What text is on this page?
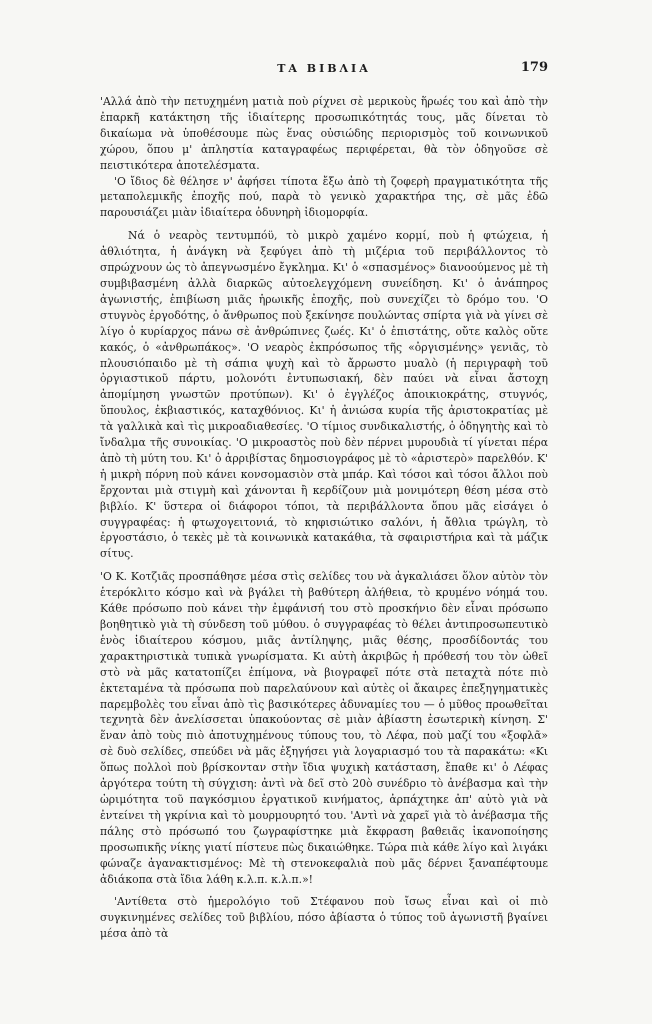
ΤΑ ΒΙΒΛΙΑ	179

'Αλλά ἀπὸ τὴν πετυχημένη ματιὰ ποὺ ρίχνει σὲ μερικοὺς ἥρωές του καὶ ἀπὸ τὴν ἐπαρκῆ κατάκτηση τῆς ἰδιαίτερης προσωπικότητάς τους, μᾶς δίνεται τὸ δικαίωμα νὰ ὑποθέσουμε πὼς ἕνας οὐσιώδης περιορισμὸς τοῦ κοινωνικοῦ χώρου, ὅπου μ' ἀπληστία καταγραφέως περιφέρεται, θὰ τὸν ὁδηγοῦσε σὲ πειστικότερα ἀποτελέσματα.

'Ο ἴδιος δὲ θέλησε ν' ἀφήσει τίποτα ἔξω ἀπὸ τὴ ζοφερὴ πραγματικότητα τῆς μεταπολεμικῆς ἐποχῆς πού, παρὰ τὸ γενικὸ χαρακτήρα της, σὲ μᾶς ἐδῶ παρουσιάζει μιὰν ἰδιαίτερα ὀδυνηρὴ ἰδιομορφία.

Νά ὁ νεαρὸς τεντυμπόϋ, τὸ μικρὸ χαμένο κορμί, ποὺ ἡ φτώχεια, ἡ ἀθλιότητα, ἡ ἀνάγκη νὰ ξεφύγει ἀπὸ τὴ μιζέρια τοῦ περιβάλλοντος τὸ σπρώχνουν ὡς τὸ ἀπεγνωσμένο ἔγκλημα. Κι' ὁ «σπασμένος» διανοούμενος μὲ τὴ συμβιβασμένη ἀλλὰ διαρκῶς αὐτοελεγχόμενη συνείδηση. Κι' ὁ ἀνάπηρος ἀγωνιστής, ἐπιβίωση μιᾶς ἡρωικῆς ἐποχῆς, ποὺ συνεχίζει τὸ δρόμο του. 'Ο στυγνὸς ἐργοδότης, ὁ ἄνθρωπος ποὺ ξεκίνησε πουλώντας σπίρτα γιὰ νὰ γίνει σὲ λίγο ὁ κυρίαρχος πάνω σὲ ἀνθρώπινες ζωές. Κι' ὁ ἐπιστάτης, οὔτε καλὸς οὔτε κακός, ὁ «ἀνθρωπάκος». 'Ο νεαρὸς ἐκπρόσωπος τῆς «ὀργισμένης» γενιᾶς, τὸ πλουσιόπαιδο μὲ τὴ σάπια ψυχὴ καὶ τὸ ἄρρωστο μυαλὸ (ἡ περιγραφὴ τοῦ ὀργιαστικοῦ πάρτυ, μολονότι ἐντυπωσιακή, δὲν παύει νὰ εἶναι ἄστοχη ἀπομίμηση γνωστῶν προτύπων). Κι' ὁ ἐγγλέζος ἀποικιοκράτης, στυγνός, ὕπουλος, ἐκβιαστικός, καταχθόνιος. Κι' ἡ ἀνιώσα κυρία τῆς ἀριστοκρατίας μὲ τὰ γαλλικὰ καὶ τὶς μικροαδιαθεσίες. 'Ο τίμιος συνδικαλιστής, ὁ ὁδηγητὴς καὶ τὸ ἴνδαλμα τῆς συνοικίας. 'Ο μικροαστὸς ποὺ δὲν πέρνει μυρουδιὰ τί γίνεται πέρα ἀπὸ τὴ μύτη του. Κι' ὁ ἀρριβίστας δημοσιογράφος μὲ τὸ «ἀριστερὸ» παρελθόν. Κ' ἡ μικρὴ πόρνη ποὺ κάνει κονσομασιὸν στὰ μπάρ. Καὶ τόσοι καὶ τόσοι ἄλλοι ποὺ ἔρχονται μιὰ στιγμὴ καὶ χάνονται ἢ κερδίζουν μιὰ μονιμότερη θέση μέσα στὸ βιβλίο. Κ' ὕστερα οἱ διάφοροι τόποι, τὰ περιβάλλοντα ὅπου μᾶς εἰσάγει ὁ συγγραφέας: ἡ φτωχογειτονιά, τὸ κηφισιώτικο σαλόνι, ἡ ἄθλια τρώγλη, τὸ ἐργοστάσιο, ὁ τεκὲς μὲ τὰ κοινωνικὰ κατακάθια, τὰ σφαιριστήρια καὶ τὰ μάζικ σίτυς.

'Ο Κ. Κοτζιᾶς προσπάθησε μέσα στὶς σελίδες του νὰ ἀγκαλιάσει ὅλον αὐτὸν τὸν ἑτερόκλιτο κόσμο καὶ νὰ βγάλει τὴ βαθύτερη ἀλήθεια, τὸ κρυμένο νόημά του. Κάθε πρόσωπο ποὺ κάνει τὴν ἐμφάνισή του στὸ προσκήνιο δὲν εἶναι πρόσωπο βοηθητικὸ γιὰ τὴ σύνδεση τοῦ μύθου. ὁ συγγραφέας τὸ θέλει ἀντιπροσωπευτικὸ ἑνὸς ἰδιαίτερου κόσμου, μιᾶς ἀντίληψης, μιᾶς θέσης, προσδίδοντάς του χαρακτηριστικὰ τυπικὰ γνωρίσματα. Κι αὐτὴ ἀκριβῶς ἡ πρόθεσή του τὸν ὠθεῖ στὸ νὰ μᾶς κατατοπίζει ἐπίμονα, νὰ βιογραφεῖ πότε στὰ πεταχτὰ πότε πιὸ ἐκτεταμένα τὰ πρόσωπα ποὺ παρελαύνουν καὶ αὐτὲς οἱ ἄκαιρες ἐπεξηγηματικὲς παρεμβολὲς του εἶναι ἀπὸ τὶς βασικότερες ἀδυναμίες του — ὁ μῦθος προωθεῖται τεχνητὰ δὲν ἀνελίσσεται ὑπακούοντας σὲ μιὰν ἀβίαστη ἐσωτερικὴ κίνηση. Σ' ἕναν ἀπὸ τοὺς πιὸ ἀποτυχημένους τύπους του, τὸ Λέφα, ποὺ μαζί του «ξοφλᾶ» σὲ δυὸ σελίδες, σπεύδει νὰ μᾶς ἐξηγήσει γιὰ λογαριασμό του τὰ παρακάτω: «Κι ὅπως πολλοὶ ποὺ βρίσκονταν στὴν ἴδια ψυχικὴ κατάσταση, ἔπαθε κι' ὁ Λέφας ἀργότερα τούτη τὴ σύγχιση: ἀντὶ νὰ δεῖ στὸ 20ὸ συνέδριο τὸ ἀνέβασμα καὶ τὴν ὡριμότητα τοῦ παγκόσμιου ἐργατικοῦ κινήματος, ἀρπάχτηκε ἀπ' αὐτὸ γιὰ νὰ ἐντείνει τὴ γκρίνια καὶ τὸ μουρμουρητό του. 'Αντὶ νὰ χαρεῖ γιὰ τὸ ἀνέβασμα τῆς πάλης στὸ πρόσωπό του ζωγραφίστηκε μιὰ ἔκφραση βαθειᾶς ἱκανοποίησης προσωπικῆς νίκης γιατί πίστευε πὼς δικαιώθηκε. Τώρα πιὰ κάθε λίγο καὶ λιγάκι φώναζε ἀγανακτισμένος: Μὲ τὴ στενοκεφαλιὰ ποὺ μᾶς δέρνει ξαναπέφτουμε ἀδιάκοπα στὰ ἴδια λάθη κ.λ.π. κ.λ.π.»!

'Αντίθετα στὸ ἡμερολόγιο τοῦ Στέφανου ποὺ ἴσως εἶναι καὶ οἱ πιὸ συγκινημένες σελίδες τοῦ βιβλίου, πόσο ἀβίαστα ὁ τύπος τοῦ ἀγωνιστῆ βγαίνει μέσα ἀπὸ τὰ
